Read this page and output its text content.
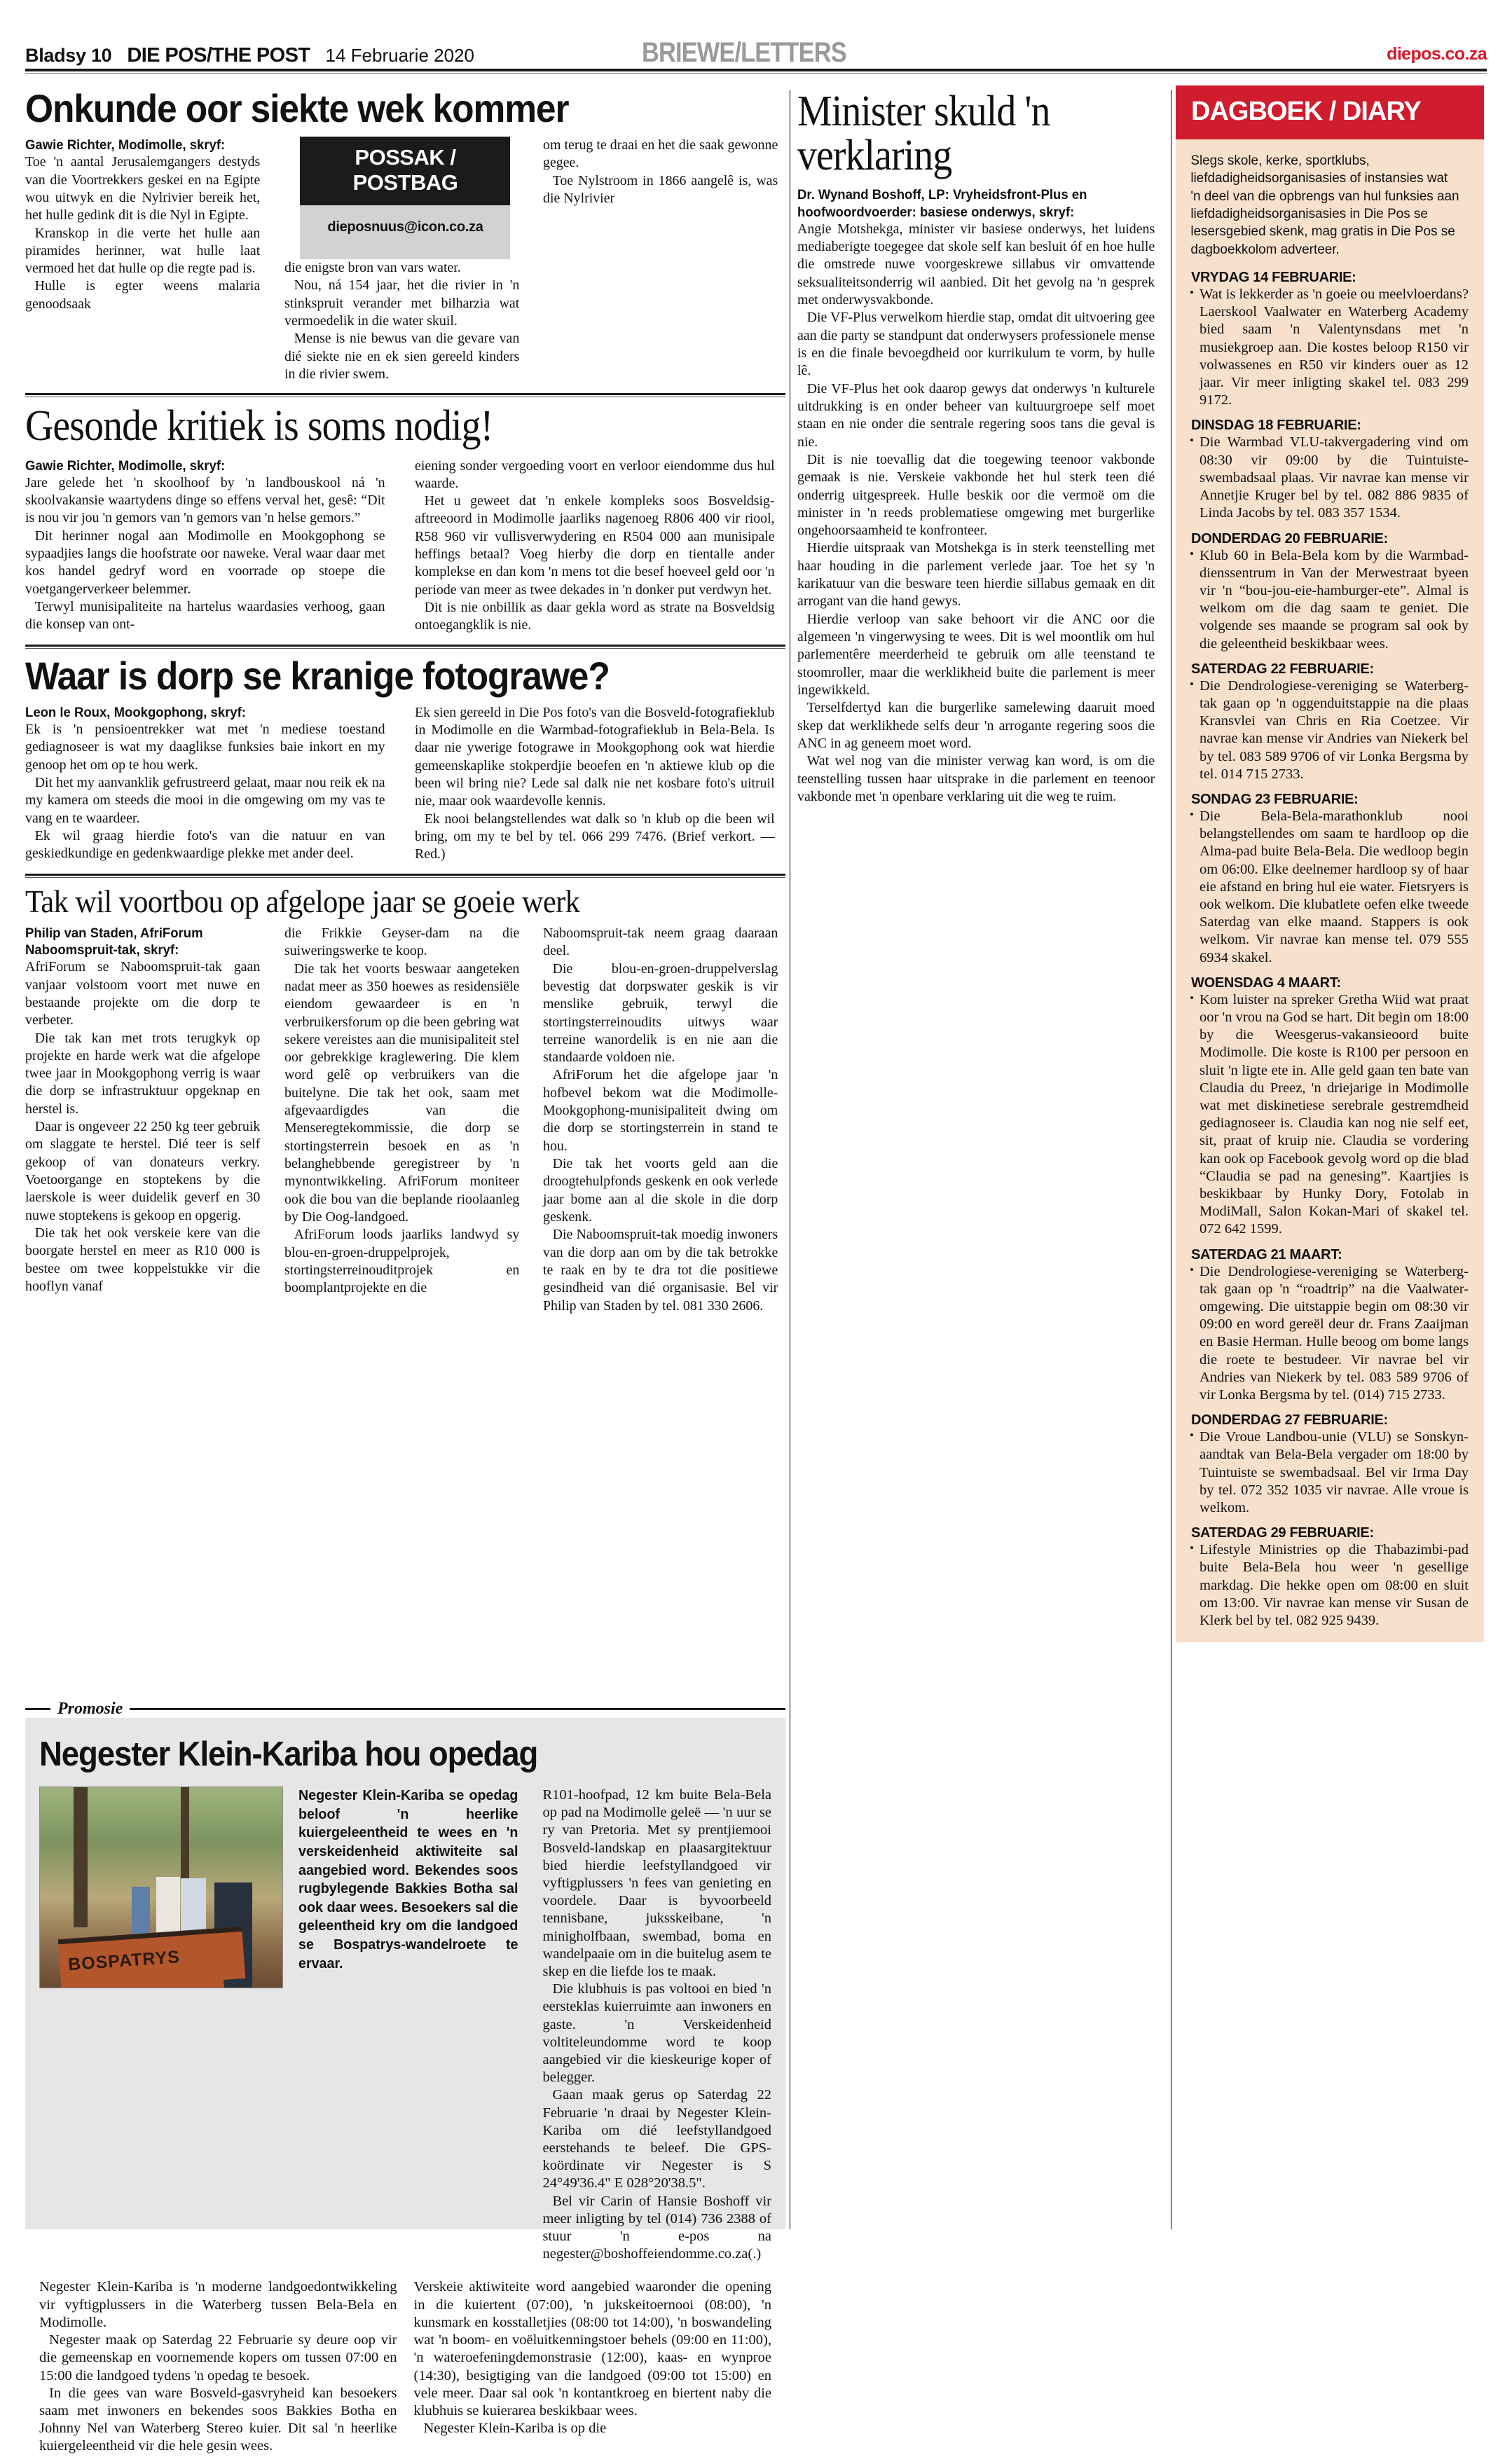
Bladsy 10 DIE POS/THE POST 14 Februarie 2020	BRIEWE/LETTERS	diepos.co.za
Onkunde oor siekte wek kommer
Gawie Richter, Modimolle, skryf:

Toe 'n aantal Jerusalemgangers destyds van die Voortrekkers geskei en na Egipte wou uitwyk en die Nylrivier bereik het, het hulle gedink dit is die Nyl in Egipte.

Kranskop in die verte het hulle aan piramides herinner, wat hulle laat vermoed het dat hulle op die regte pad is.

Hulle is egter weens malaria genoodsaak

POSSAK / POSTBAG
dieposnuus@icon.co.za

die enigste bron van vars water.

Nou, ná 154 jaar, het die rivier in 'n stinkspruit verander met bilharzia wat vermoedelik in die water skuil.

Mense is nie bewus van die gevare van dié siekte nie en ek sien gereeld kinders in die rivier swem.

om terug te draai en het die saak gewonne gegee.

Toe Nylstroom in 1866 aangelê is, was die Nylrivier

Gesonde kritiek is soms nodig!
Gawie Richter, Modimolle, skryf:

Jare gelede het 'n skoolhoof by 'n landbouskool ná 'n skoolvakansie waartydens dinge so effens verval het, gesê: “Dit is nou vir jou 'n gemors van 'n gemors van 'n helse gemors.”

Dit herinner nogal aan Modimolle en Mookgophong se sypaadjies langs die hoofstrate oor naweke. Veral waar daar met kos handel gedryf word en voorrade op stoepe die voetgangerverkeer belemmer.

Terwyl munisipaliteite na hartelus waardasies verhoog, gaan die konsep van ont-

eiening sonder vergoeding voort en verloor eiendomme dus hul waarde.

Het u geweet dat 'n enkele kompleks soos Bosveldsig-aftreeoord in Modimolle jaarliks nagenoeg R806 400 vir riool, R58 960 vir vullisverwydering en R504 000 aan munisipale heffings betaal? Voeg hierby die dorp en tientalle ander komplekse en dan kom 'n mens tot die besef hoeveel geld oor 'n periode van meer as twee dekades in 'n donker put verdwyn het.

Dit is nie onbillik as daar gekla word as strate na Bosveldsig ontoegangklik is nie.

Waar is dorp se kranige fotograwe?
Leon le Roux, Mookgophong, skryf:

Ek is 'n pensioentrekker wat met 'n mediese toestand gediagnoseer is wat my daaglikse funksies baie inkort en my genoop het om op te hou werk.

Dit het my aanvanklik gefrustreerd gelaat, maar nou reik ek na my kamera om steeds die mooi in die omgewing om my vas te vang en te waardeer.

Ek wil graag hierdie foto's van die natuur en van geskiedkundige en gedenkwaardige plekke met ander deel.

Ek sien gereeld in Die Pos foto's van die Bosveld-fotografieklub in Modimolle en die Warmbad-fotografieklub in Bela-Bela. Is daar nie ywerige fotograwe in Mookgophong ook wat hierdie gemeenskaplike stokperdjie beoefen en 'n aktiewe klub op die been wil bring nie? Lede sal dalk nie net kosbare foto's uitruil nie, maar ook waardevolle kennis.

Ek nooi belangstellendes wat dalk so 'n klub op die been wil bring, om my te bel by tel. 066 299 7476. (Brief verkort. — Red.)

Tak wil voortbou op afgelope jaar se goeie werk
Philip van Staden, AfriForum Naboomspruit-tak, skryf:

AfriForum se Naboomspruit-tak gaan vanjaar volstoom voort met nuwe en bestaande projekte om die dorp te verbeter.

Die tak kan met trots terugkyk op projekte en harde werk wat die afgelope twee jaar in Mookgophong verrig is waar die dorp se infrastruktuur opgeknap en herstel is.

Daar is ongeveer 22 250 kg teer gebruik om slaggate te herstel. Dié teer is self gekoop of van donateurs verkry. Voetoorgange en stoptekens by die laerskole is weer duidelik geverf en 30 nuwe stoptekens is gekoop en opgerig.

Die tak het ook verskeie kere van die boorgate herstel en meer as R10 000 is bestee om twee koppelstukke vir die hooflyn vanaf

die Frikkie Geyser-dam na die suiweringswerke te koop.

Die tak het voorts beswaar aangeteken nadat meer as 350 hoewes as residensiële eiendom gewaardeer is en 'n verbruikersforum op die been gebring wat sekere vereistes aan die munisipaliteit stel oor gebrekkige kraglewering. Die klem word gelê op verbruikers van die buitelyne. Die tak het ook, saam met afgevaardigdes van die Menseregtekommissie, die dorp se stortingsterrein besoek en as 'n belanghebbende geregistreer by 'n mynontwikkeling. AfriForum moniteer ook die bou van die beplande rioolaanleg by Die Oog-landgoed.

AfriForum loods jaarliks landwyd sy blou-en-groen-druppelprojek, stortingsterreinouditprojek en boomplantprojekte en die

Naboomspruit-tak neem graag daaraan deel.

Die blou-en-groen-druppelverslag bevestig dat dorpswater geskik is vir menslike gebruik, terwyl die stortingsterreinoudits uitwys waar terreine wanordelik is en nie aan die standaarde voldoen nie.

AfriForum het die afgelope jaar 'n hofbevel bekom wat die Modimolle-Mookgophong-munisipaliteit dwing om die dorp se stortingsterrein in stand te hou.

Die tak het voorts geld aan die droogtehulpfonds geskenk en ook verlede jaar bome aan al die skole in die dorp geskenk.

Die Naboomspruit-tak moedig inwoners van die dorp aan om by die tak betrokke te raak en by te dra tot die positiewe gesindheid van dié organisasie. Bel vir Philip van Staden by tel. 081 330 2606.

Promosie
Negester Klein-Kariba hou opedag
BOSPATRYS
Negester Klein-Kariba se opedag beloof 'n heerlike kuiergeleentheid te wees en 'n verskeidenheid aktiwiteite sal aangebied word. Bekendes soos rugbylegende Bakkies Botha sal ook daar wees. Besoekers sal die geleentheid kry om die landgoed se Bospatrys-wandelroete te ervaar.

R101-hoofpad, 12 km buite Bela-Bela op pad na Modimolle geleë — 'n uur se ry van Pretoria. Met sy prentjiemooi Bosveld-landskap en plaasargitektuur bied hierdie leefstyllandgoed vir vyftigplussers 'n fees van genieting en voordele. Daar is byvoorbeeld tennisbane, juksskeibane, 'n minigholfbaan, swembad, boma en wandelpaaie om in die buitelug asem te skep en die liefde los te maak.

Die klubhuis is pas voltooi en bied 'n eersteklas kuierruimte aan inwoners en gaste. 'n Verskeidenheid voltiteleundomme word te koop aangebied vir die kieskeurige koper of belegger.

Gaan maak gerus op Saterdag 22 Februarie 'n draai by Negester Klein-Kariba om dié leefstyllandgoed eerstehands te beleef. Die GPS-koördinate vir Negester is S 24°49'36.4" E 028°20'38.5".

Bel vir Carin of Hansie Boshoff vir meer inligting by tel (014) 736 2388 of stuur 'n e-pos na negester@boshoffeiendomme.co.za(.)

Negester Klein-Kariba is 'n moderne landgoedontwikkeling vir vyftigplussers in die Waterberg tussen Bela-Bela en Modimolle.

Negester maak op Saterdag 22 Februarie sy deure oop vir die gemeenskap en voornemende kopers om tussen 07:00 en 15:00 die landgoed tydens 'n opedag te besoek.

In die gees van ware Bosveld-gasvryheid kan besoekers saam met inwoners en bekendes soos Bakkies Botha en Johnny Nel van Waterberg Stereo kuier. Dit sal 'n heerlike kuiergeleentheid vir die hele gesin wees.

Verskeie aktiwiteite word aangebied waaronder die opening in die kuiertent (07:00), 'n jukskeitoernooi (08:00), 'n kunsmark en kosstalletjies (08:00 tot 14:00), 'n boswandeling wat 'n boom- en voëluitkenningstoer behels (09:00 en 11:00), 'n wateroefeningdemonstrasie (12:00), kaas- en wynproe (14:30), besigtiging van die landgoed (09:00 tot 15:00) en vele meer. Daar sal ook 'n kontantkroeg en biertent naby die klubhuis se kuierarea beskikbaar wees.

Negester Klein-Kariba is op die

Minister skuld 'n verklaring
Dr. Wynand Boshoff, LP: Vryheidsfront-Plus en hoofwoordvoerder: basiese onderwys, skryf:

Angie Motshekga, minister vir basiese onderwys, het luidens mediaberigte toegegee dat skole self kan besluit óf en hoe hulle die omstrede nuwe voorgeskrewe sillabus vir omvattende seksualiteitsonderrig wil aanbied. Dit het gevolg na 'n gesprek met onderwysvakbonde.

Die VF-Plus verwelkom hierdie stap, omdat dit uitvoering gee aan die party se standpunt dat onderwysers professionele mense is en die finale bevoegdheid oor kurrikulum te vorm, by hulle lê.

Die VF-Plus het ook daarop gewys dat onderwys 'n kulturele uitdrukking is en onder beheer van kultuurgroepe self moet staan en nie onder die sentrale regering soos tans die geval is nie.

Dit is nie toevallig dat die toegewing teenoor vakbonde gemaak is nie. Verskeie vakbonde het hul sterk teen dié onderrig uitgespreek. Hulle beskik oor die vermoë om die minister in 'n reeds problematiese omgewing met burgerlike ongehoorsaamheid te konfronteer.

Hierdie uitspraak van Motshekga is in sterk teenstelling met haar houding in die parlement verlede jaar. Toe het sy 'n karikatuur van die besware teen hierdie sillabus gemaak en dit arrogant van die hand gewys.

Hierdie verloop van sake behoort vir die ANC oor die algemeen 'n vingerwysing te wees. Dit is wel moontlik om hul parlementêre meerderheid te gebruik om alle teenstand te stoomroller, maar die werklikheid buite die parlement is meer ingewikkeld.

Terselfdertyd kan die burgerlike samelewing daaruit moed skep dat werklikhede selfs deur 'n arrogante regering soos die ANC in ag geneem moet word.

Wat wel nog van die minister verwag kan word, is om die teenstelling tussen haar uitsprake in die parlement en teenoor vakbonde met 'n openbare verklaring uit die weg te ruim.

DAGBOEK / DIARY
Slegs skole, kerke, sportklubs, liefdadigheidsorganisasies of instansies wat 'n deel van die opbrengs van hul funksies aan liefdadigheidsorganisasies in Die Pos se lesersgebied skenk, mag gratis in Die Pos se dagboekkolom adverteer.
VRYDAG 14 FEBRUARIE:
• Wat is lekkerder as 'n goeie ou meelvloerdans? Laerskool Vaalwater en Waterberg Academy bied saam 'n Valentynsdans met 'n musiekgroep aan. Die kostes beloop R150 vir volwassenes en R50 vir kinders ouer as 12 jaar. Vir meer inligting skakel tel. 083 299 9172.
DINSDAG 18 FEBRUARIE:
• Die Warmbad VLU-takvergadering vind om 08:30 vir 09:00 by die Tuintuiste-swembadsaal plaas. Vir navrae kan mense vir Annetjie Kruger bel by tel. 082 886 9835 of Linda Jacobs by tel. 083 357 1534.
DONDERDAG 20 FEBRUARIE:
• Klub 60 in Bela-Bela kom by die Warmbad-dienssentrum in Van der Merwestraat byeen vir 'n “bou-jou-eie-hamburger-ete”. Almal is welkom om die dag saam te geniet. Die volgende ses maande se program sal ook by die geleentheid beskikbaar wees.
SATERDAG 22 FEBRUARIE:
• Die Dendrologiese-vereniging se Waterberg-tak gaan op 'n oggenduitstappie na die plaas Kransvlei van Chris en Ria Coetzee. Vir navrae kan mense vir Andries van Niekerk bel by tel. 083 589 9706 of vir Lonka Bergsma by tel. 014 715 2733.
SONDAG 23 FEBRUARIE:
• Die Bela-Bela-marathonklub nooi belangstellendes om saam te hardloop op die Alma-pad buite Bela-Bela. Die wedloop begin om 06:00. Elke deelnemer hardloop sy of haar eie afstand en bring hul eie water. Fietsryers is ook welkom. Die klubatlete oefen elke tweede Saterdag van elke maand. Stappers is ook welkom. Vir navrae kan mense tel. 079 555 6934 skakel.
WOENSDAG 4 MAART:
• Kom luister na spreker Gretha Wiid wat praat oor 'n vrou na God se hart. Dit begin om 18:00 by die Weesgerus-vakansieoord buite Modimolle. Die koste is R100 per persoon en sluit 'n ligte ete in. Alle geld gaan ten bate van Claudia du Preez, 'n driejarige in Modimolle wat met diskinetiese serebrale gestremdheid gediagnoseer is. Claudia kan nog nie self eet, sit, praat of kruip nie. Claudia se vordering kan ook op Facebook gevolg word op die blad “Claudia se pad na genesing”. Kaartjies is beskikbaar by Hunky Dory, Fotolab in ModiMall, Salon Kokan-Mari of skakel tel. 072 642 1599.
SATERDAG 21 MAART:
• Die Dendrologiese-vereniging se Waterberg-tak gaan op 'n “roadtrip” na die Vaalwater-omgewing. Die uitstappie begin om 08:30 vir 09:00 en word gereël deur dr. Frans Zaaijman en Basie Herman. Hulle beoog om bome langs die roete te bestudeer. Vir navrae bel vir Andries van Niekerk by tel. 083 589 9706 of vir Lonka Bergsma by tel. (014) 715 2733.
DONDERDAG 27 FEBRUARIE:
• Die Vroue Landbou-unie (VLU) se Sonskyn-aandtak van Bela-Bela vergader om 18:00 by Tuintuiste se swembadsaal. Bel vir Irma Day by tel. 072 352 1035 vir navrae. Alle vroue is welkom.
SATERDAG 29 FEBRUARIE:
• Lifestyle Ministries op die Thabazimbi-pad buite Bela-Bela hou weer 'n gesellige markdag. Die hekke open om 08:00 en sluit om 13:00. Vir navrae kan mense vir Susan de Klerk bel by tel. 082 925 9439.
